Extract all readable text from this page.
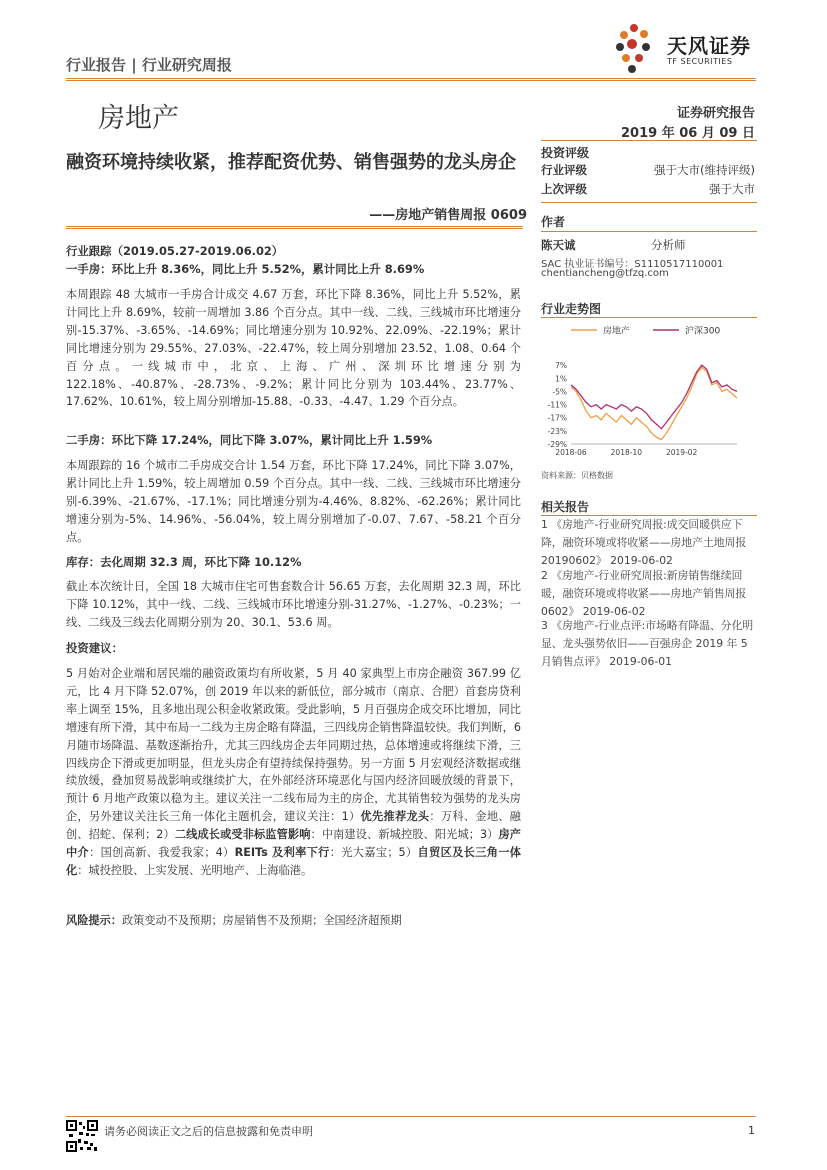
行业报告 | 行业研究周报
天风证券
TF SECURITIES
房地产	证券研究报告
2019 年 06 月 09 日
融资环境持续收紧，推荐配资优势、销售强势的龙头房企
——房地产销售周报 0609
行业跟踪（2019.05.27-2019.06.02）
一手房：环比上升 8.36%，同比上升 5.52%，累计同比上升 8.69%
本周跟踪 48 大城市一手房合计成交 4.67 万套，环比下降 8.36%，同比上升 5.52%，累计同比上升 8.69%，较前一周增加 3.86 个百分点。其中一线、二线、三线城市环比增速分别-15.37%、-3.65%、-14.69%；同比增速分别为 10.92%、22.09%、-22.19%；累计同比增速分别为 29.55%、27.03%、-22.47%，较上周分别增加 23.52、1.08、0.64 个百分点。一线城市中，北京、上海、广州、深圳环比增速分别为 122.18%、-40.87%、-28.73%、-9.2%；累计同比分别为 103.44%、23.77%、17.62%、10.61%，较上周分别增加-15.88、-0.33、-4.47、1.29 个百分点。
二手房：环比下降 17.24%，同比下降 3.07%，累计同比上升 1.59%
本周跟踪的 16 个城市二手房成交合计 1.54 万套，环比下降 17.24%，同比下降 3.07%，累计同比上升 1.59%，较上周增加 0.59 个百分点。其中一线、二线、三线城市环比增速分别-6.39%、-21.67%、-17.1%；同比增速分别为-4.46%、8.82%、-62.26%；累计同比增速分别为-5%、14.96%、-56.04%，较上周分别增加了-0.07、7.67、-58.21 个百分点。
库存：去化周期 32.3 周，环比下降 10.12%
截止本次统计日，全国 18 大城市住宅可售套数合计 56.65 万套，去化周期 32.3 周，环比下降 10.12%，其中一线、二线、三线城市环比增速分别-31.27%、-1.27%、-0.23%；一线、二线及三线去化周期分别为 20、30.1、53.6 周。
投资建议：
5 月始对企业端和居民端的融资政策均有所收紧，5 月 40 家典型上市房企融资 367.99 亿元，比 4 月下降 52.07%，创 2019 年以来的新低位，部分城市（南京、合肥）首套房贷利率上调至 15%，且多地出现公积金收紧政策。受此影响，5 月百强房企成交环比增加，同比增速有所下滑，其中布局一二线为主房企略有降温，三四线房企销售降温较快。我们判断，6 月随市场降温、基数逐渐抬升，尤其三四线房企去年同期过热，总体增速或将继续下滑，三四线房企下滑或更加明显，但龙头房企有望持续保持强势。另一方面 5 月宏观经济数据或继续放缓，叠加贸易战影响或继续扩大，在外部经济环境恶化与国内经济回暖放缓的背景下，预计 6 月地产政策以稳为主。建议关注一二线布局为主的房企，尤其销售较为强势的龙头房企，另外建议关注长三角一体化主题机会，建议关注：1）优先推荐龙头：万科、金地、融创、招蛇、保利；2）二线成长或受非标监管影响：中南建设、新城控股、阳光城；3）房产中介：国创高新、我爱我家；4）REITs 及利率下行：光大嘉宝；5）自贸区及长三角一体化：城投控股、上实发展、光明地产、上海临港。
风险提示：政策变动不及预期；房屋销售不及预期；全国经济超预期
投资评级
行业评级	强于大市(维持评级)
上次评级	强于大市
作者
陈天诚	分析师
SAC 执业证书编号：S1110517110001
chentiancheng@tfzq.com
行业走势图
房地产	沪深300
7%
1%
-5%
-11%
-17%
-23%
-29%
2018-06	2018-10	2019-02
资料来源：贝格数据
相关报告
1 《房地产-行业研究周报:成交回暖供应下降，融资环境或将收紧——房地产土地周报 20190602》 2019-06-02
2 《房地产-行业研究周报:新房销售继续回暖，融资环境或将收紧——房地产销售周报 0602》 2019-06-02
3 《房地产-行业点评:市场略有降温、分化明显、龙头强势依旧——百强房企 2019 年 5 月销售点评》 2019-06-01
请务必阅读正文之后的信息披露和免责申明	1
